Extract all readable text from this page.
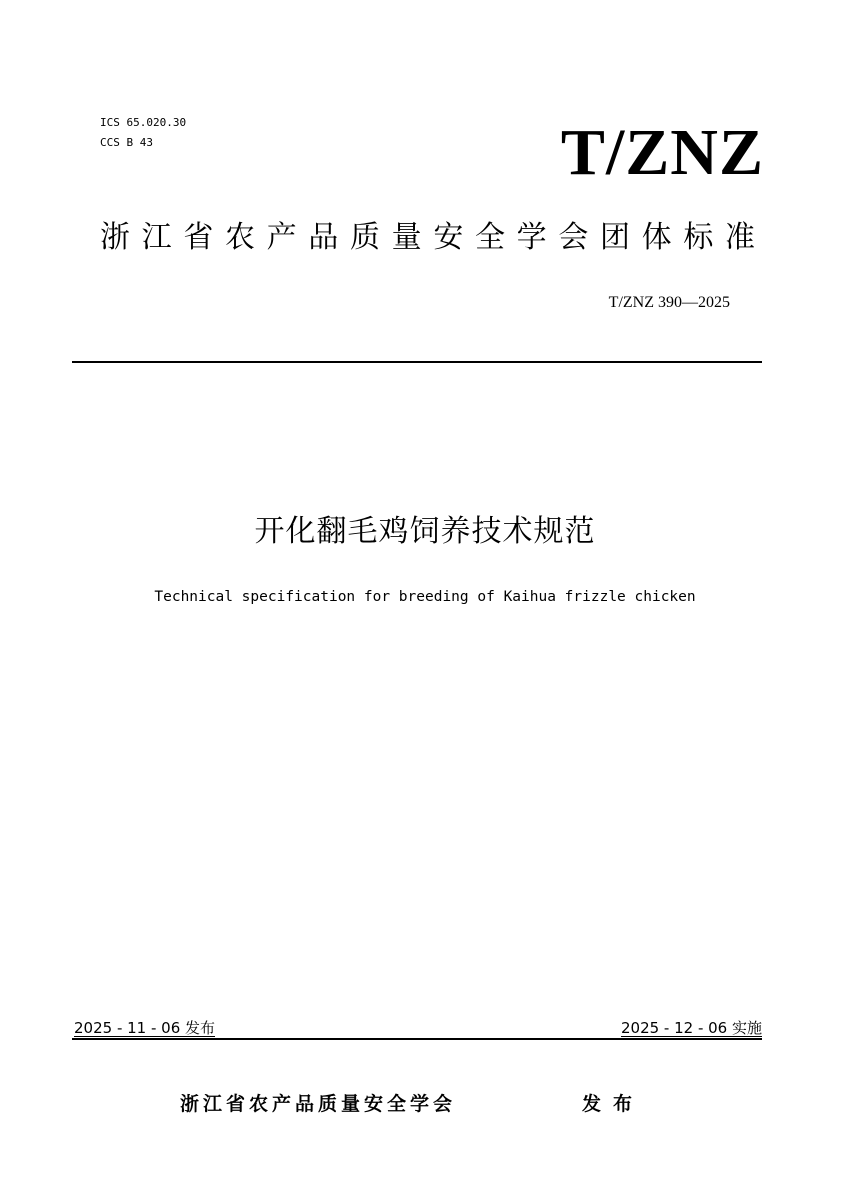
ICS 65.020.30
CCS B 43	T/ZNZ
浙江省农产品质量安全学会团体标准
T/ZNZ 390—2025
开化翻毛鸡饲养技术规范
Technical specification for breeding of Kaihua frizzle chicken
2025 - 11 - 06 发布	2025 - 12 - 06 实施
浙江省农产品质量安全学会	发布
